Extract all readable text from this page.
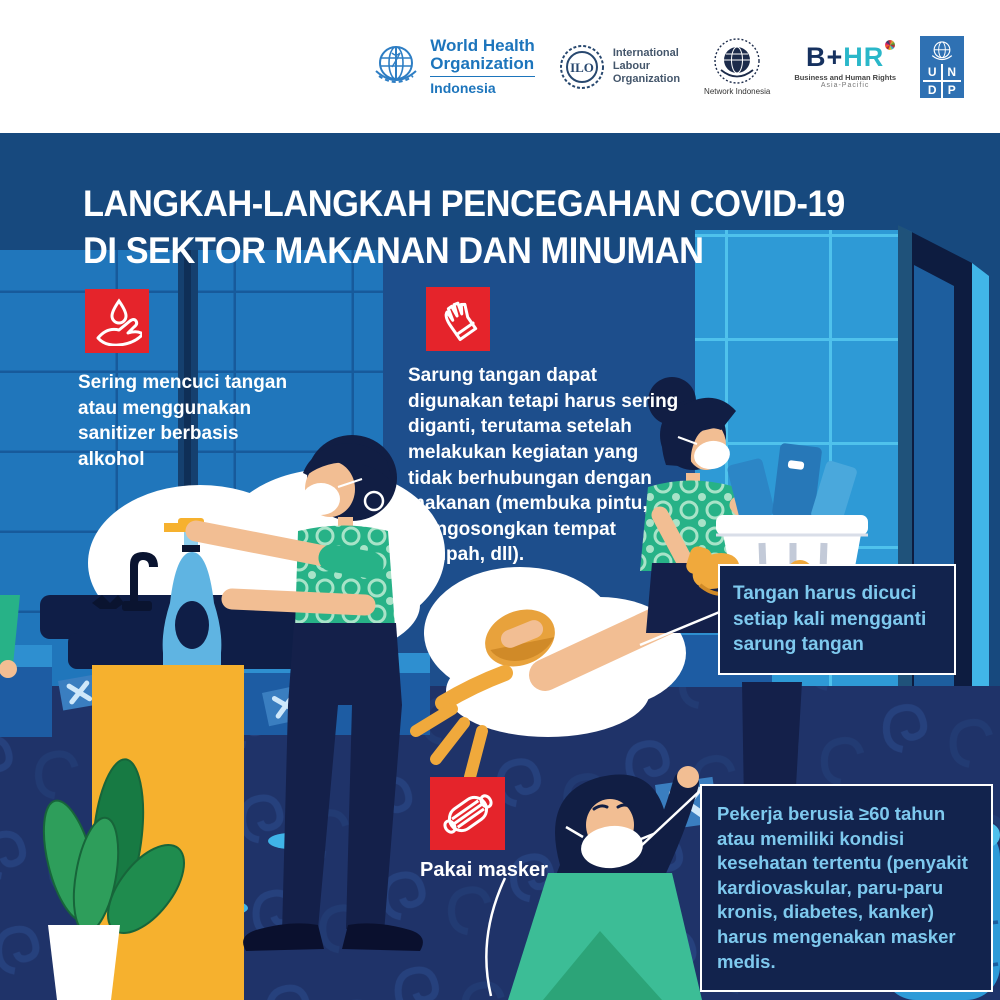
World Health
Organization
Indonesia
ILO
International
Labour
Organization
Network Indonesia
B+HR
Business and Human Rights
Asia-Pacific
U N
D P
LANGKAH-LANGKAH PENCEGAHAN COVID-19
DI SEKTOR MAKANAN DAN MINUMAN
Sering mencuci tangan atau menggunakan sanitizer berbasis alkohol
Sarung tangan dapat digunakan tetapi harus sering diganti, terutama setelah melakukan kegiatan yang tidak berhubungan dengan makanan (membuka pintu, mengosongkan tempat sampah, dll).
Pakai masker
Tangan harus dicuci setiap kali mengganti sarung tangan
Pekerja berusia ≥60 tahun atau memiliki kondisi kesehatan tertentu (penyakit kardiovaskular, paru-paru kronis, diabetes, kanker) harus mengenakan masker medis.
